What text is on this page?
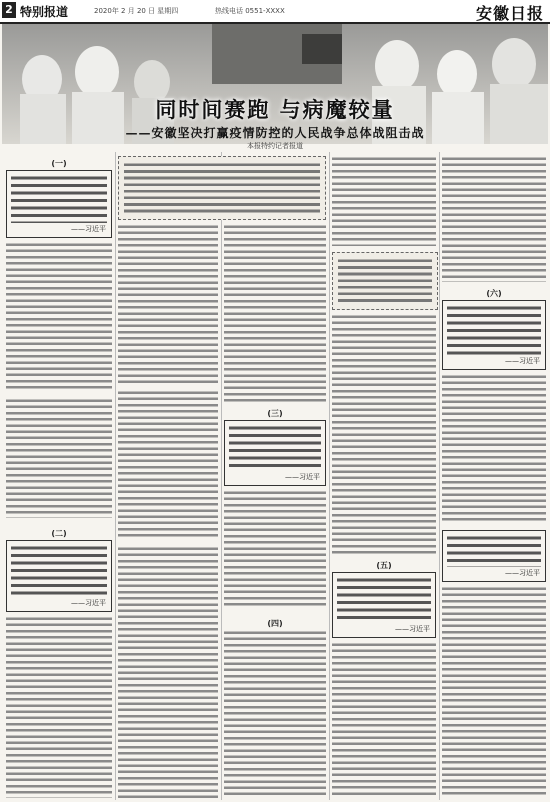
2 特别报道	2020年 2 月 20 日 星期四	热线电话 0551-XXXX	安徽日报
同时间赛跑 与病魔较量
——安徽坚决打赢疫情防控的人民战争总体战阻击战
本报特约记者报道
(一)
——习近平
(二)
——习近平
(三)
——习近平
(四)
(五)
——习近平
(六)
——习近平
——习近平
